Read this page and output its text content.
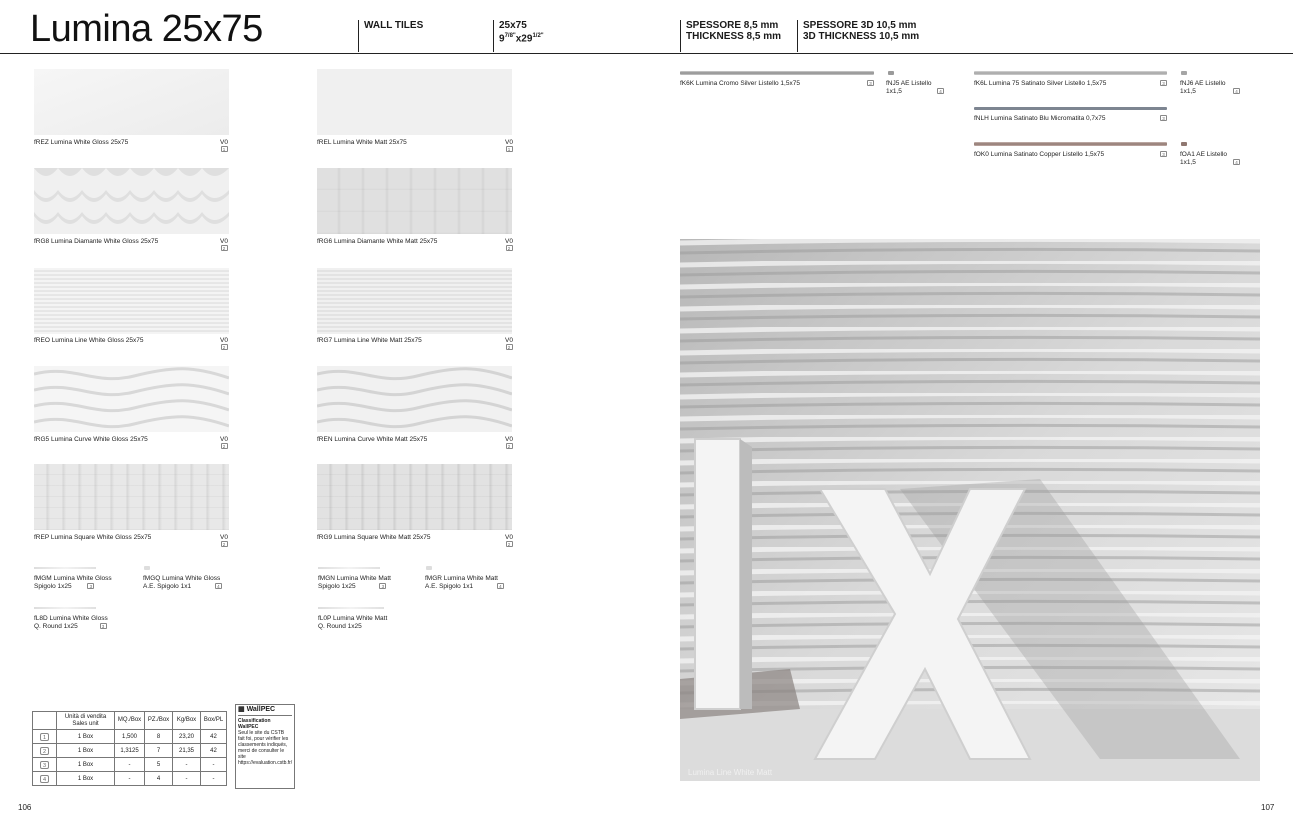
Lumina 25x75	WALL TILES	25x75
$9^{7/8"}x29^{1/2"}$
SPESSORE 8,5 mm
THICKNESS 8,5 mm
SPESSORE 3D 10,5 mm
3D THICKNESS 10,5 mm
fREZ Lumina White Gloss 25x75	V0
1
fRG8 Lumina Diamante White Gloss 25x75	V0
2
fREO Lumina Line White Gloss 25x75	V0
2
fRG5 Lumina Curve White Gloss 25x75	V0
2
fREP Lumina Square White Gloss 25x75	V0
2
fREL Lumina White Matt 25x75	V0
1
fRG6 Lumina Diamante White Matt 25x75	V0
2
fRG7 Lumina Line White Matt 25x75	V0
2
fREN Lumina Curve White Matt 25x75	V0
2
fRG9 Lumina Square White Matt 25x75	V0
2
fMGM Lumina White Gloss
Spigolo 1x25	3
fMGQ Lumina White Gloss
A.E. Spigolo 1x1	4
fMGN Lumina White Matt
Spigolo 1x25	3
fMGR Lumina White Matt
A.E. Spigolo 1x1	4
fL8D Lumina White Gloss
Q. Round 1x25	3
fL0P Lumina White Matt
Q. Round 1x25
	Unità di vendita Sales unit	MQ./Box	PZ./Box	Kg/Box	Box/PL
1	1 Box	1,500	8	23,20	42
2	1 Box	1,3125	7	21,35	42
3	1 Box	-	5	-	-
4	1 Box	-	4	-	-
▦ WallPEC
Classification WallPEC
Seul le site du CSTB fait foi, pour vérifier les classements indiqués, merci de consulter le site https://evaluation.cstb.fr/
fK6K Lumina Cromo Silver Listello 1,5x75	3	fNJ5 AE Listello
1x1,5	4
fK6L Lumina 75 Satinato Silver Listello 1,5x75	3	fNJ6 AE Listello
1x1,5	4
fNLH Lumina Satinato Blu Micromatita 0,7x75	3
fOK0 Lumina Satinato Copper Listello 1,5x75	3	fOA1 AE Listello
1x1,5	4
Lumina Line White Matt
106	107
